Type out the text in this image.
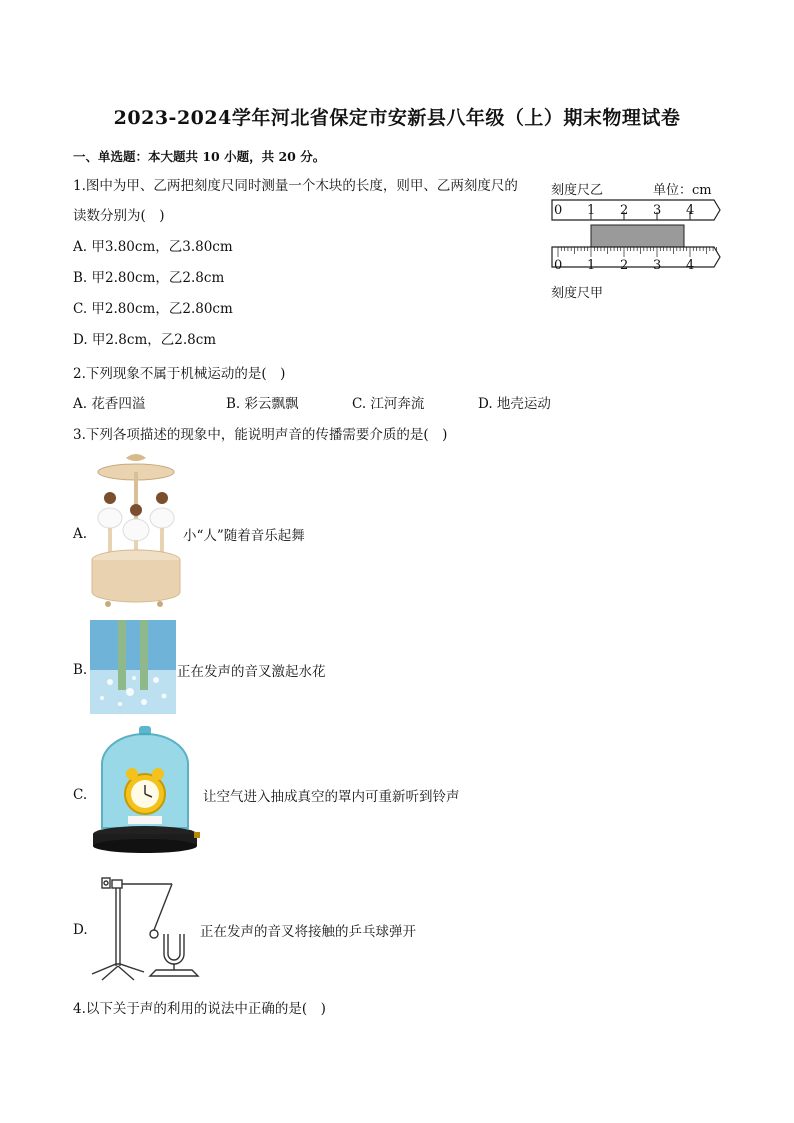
2023-2024学年河北省保定市安新县八年级（上）期末物理试卷
一、单选题：本大题共 10 小题，共 20 分。
1.图中为甲、乙两把刻度尺同时测量一个木块的长度，则甲、乙两刻度尺的
读数分别为(　)
A. 甲3.80cm，乙3.80cm
B. 甲2.80cm，乙2.8cm
C. 甲2.80cm，乙2.80cm
D. 甲2.8cm，乙2.8cm
刻度尺乙	单位：cm
0 1 2 3 4
0 1 2 3 4
刻度尺甲
2.下列现象不属于机械运动的是(　)
A. 花香四溢	B. 彩云飘飘	C. 江河奔流	D. 地壳运动
3.下列各项描述的现象中，能说明声音的传播需要介质的是(　)
A.	小“人”随着音乐起舞
B.	正在发声的音叉激起水花
C.	让空气进入抽成真空的罩内可重新听到铃声
D.	正在发声的音叉将接触的乒乓球弹开
4.以下关于声的利用的说法中正确的是(　)
